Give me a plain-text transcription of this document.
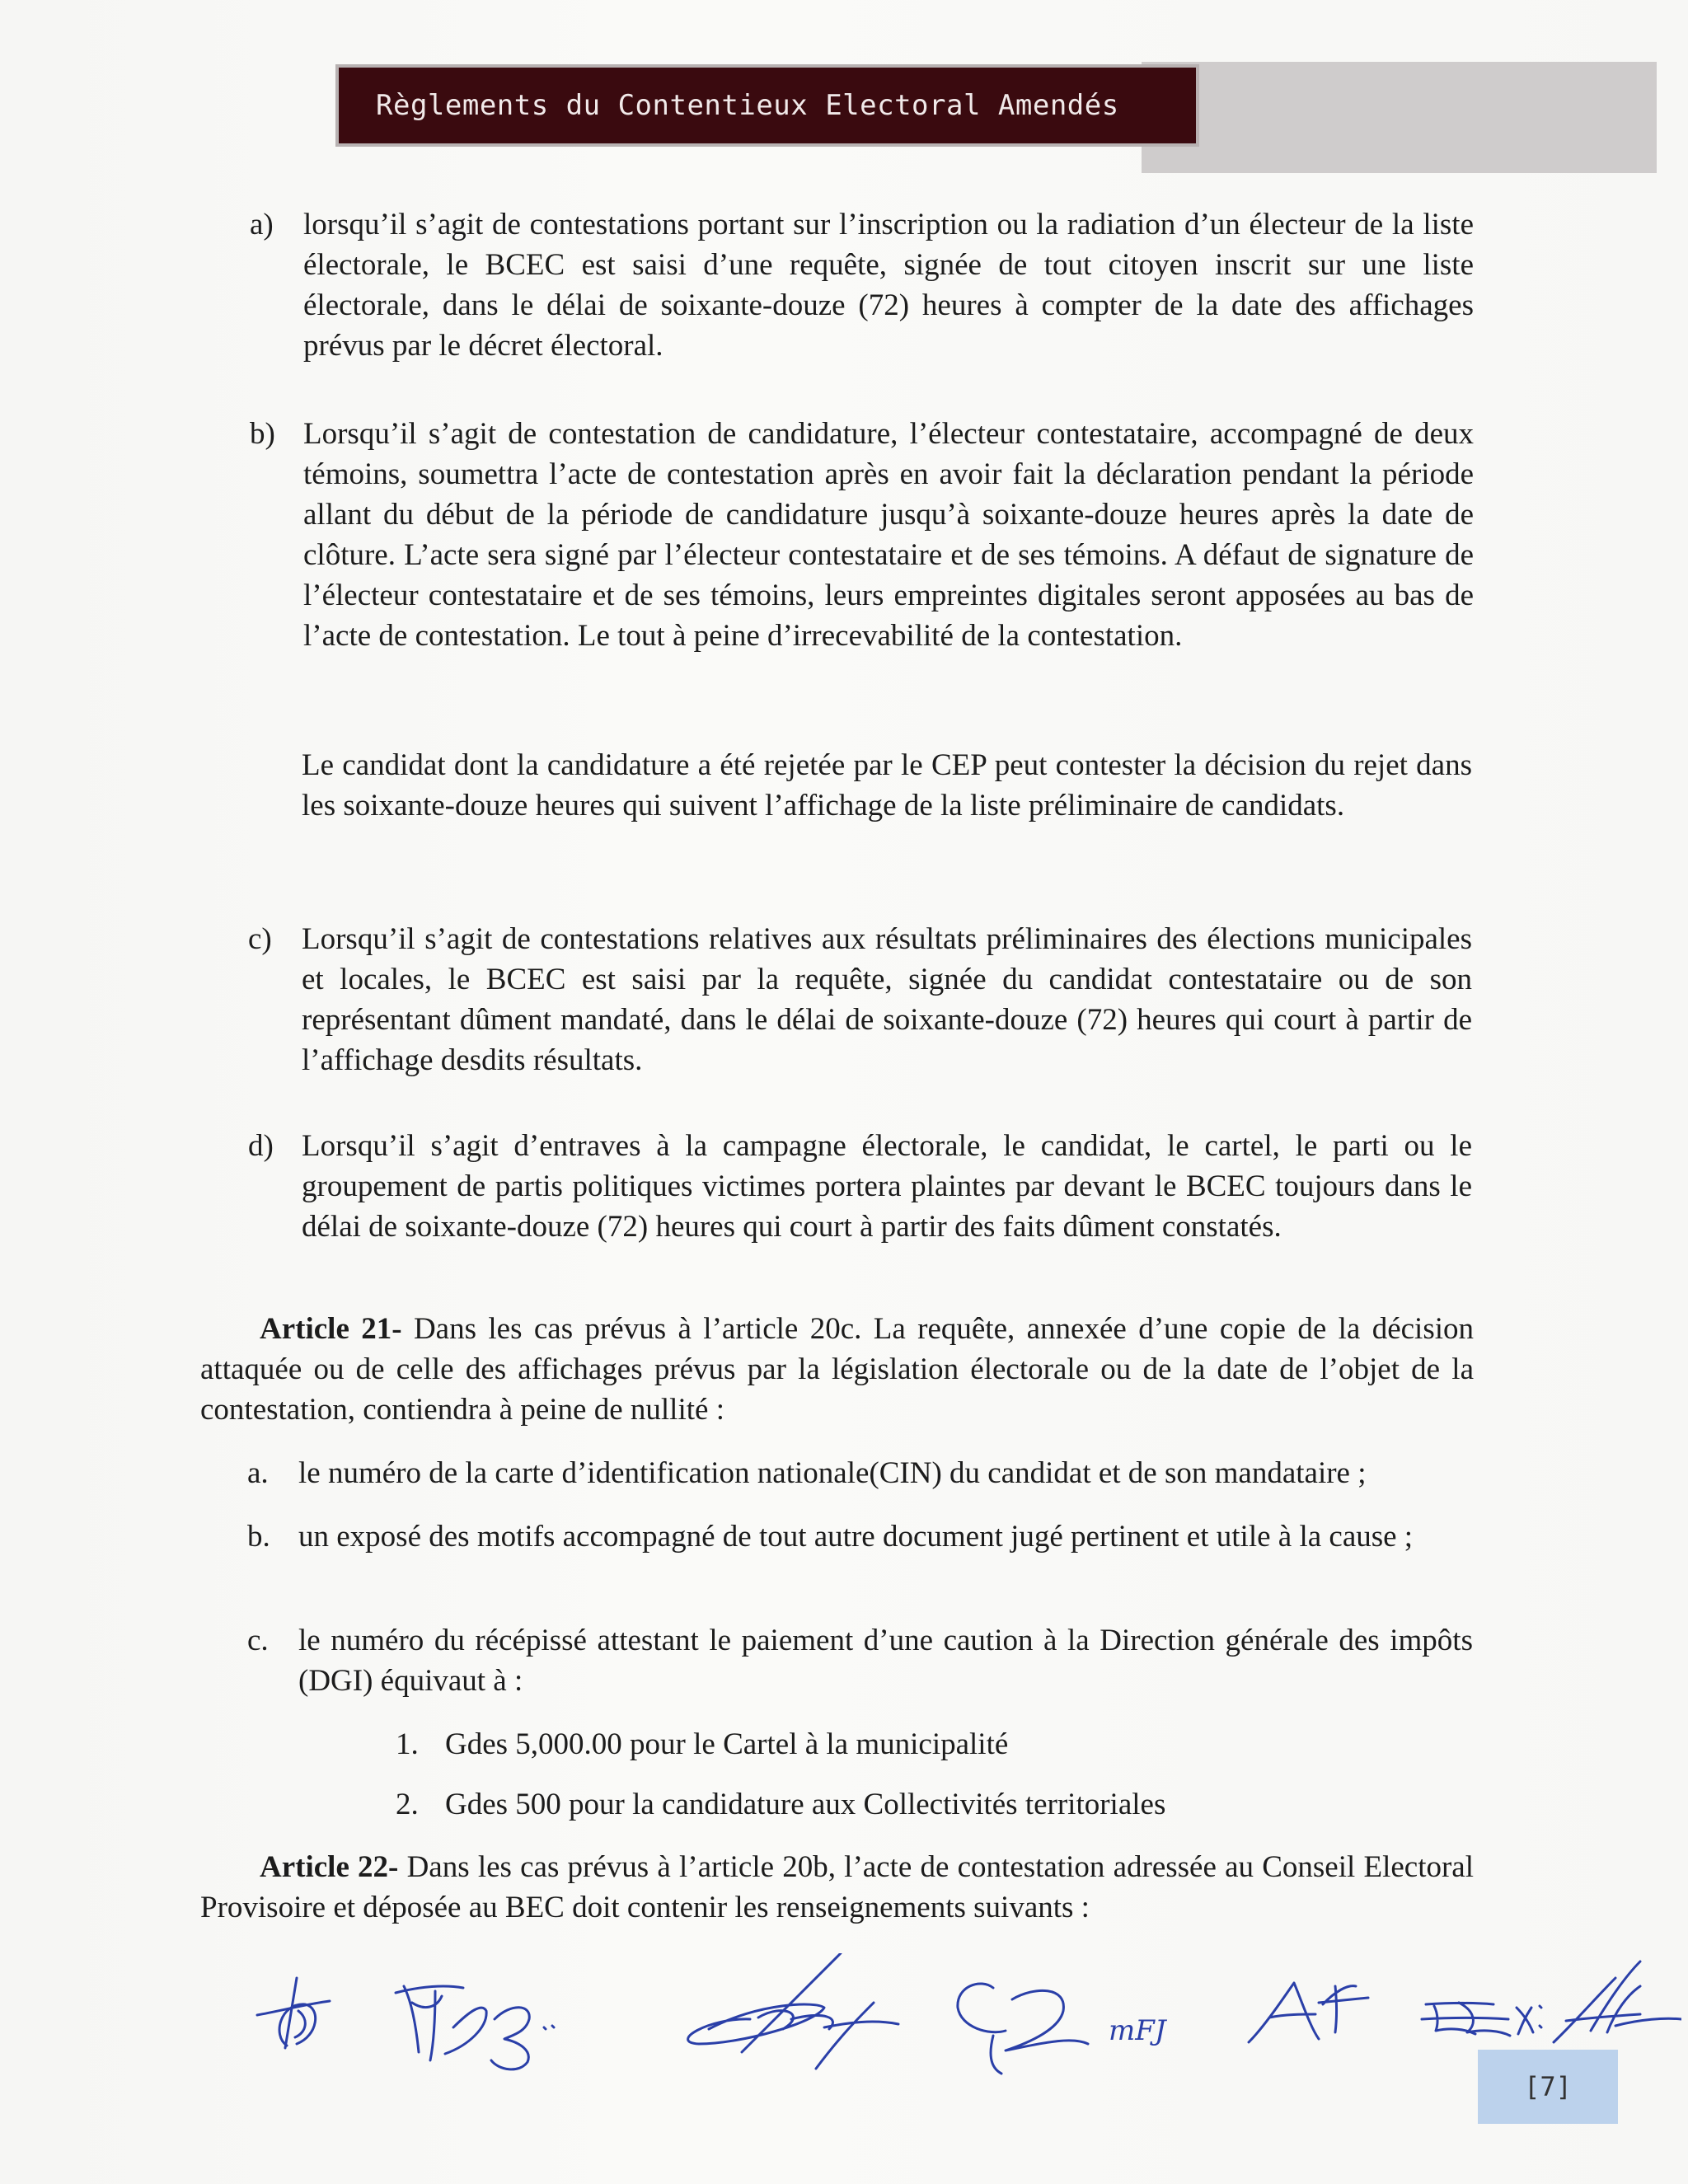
Règlements du Contentieux Electoral Amendés
a) lorsqu’il s’agit de contestations portant sur l’inscription ou la radiation d’un électeur de la liste électorale, le BCEC est saisi d’une requête, signée de tout citoyen inscrit sur une liste électorale, dans le délai de soixante-douze (72) heures à compter de la date des affichages prévus par le décret électoral.
b) Lorsqu’il s’agit de contestation de candidature, l’électeur contestataire, accompagné de deux témoins, soumettra l’acte de contestation après en avoir fait la déclaration pendant la période allant du début de la période de candidature jusqu’à soixante-douze heures après la date de clôture. L’acte sera signé par l’électeur contestataire et de ses témoins. A défaut de signature de l’électeur contestataire et de ses témoins, leurs empreintes digitales seront apposées au bas de l’acte de contestation. Le tout à peine d’irrecevabilité de la contestation.
Le candidat dont la candidature a été rejetée par le CEP peut contester la décision du rejet dans les soixante-douze heures qui suivent l’affichage de la liste préliminaire de candidats.
c) Lorsqu’il s’agit de contestations relatives aux résultats préliminaires des élections municipales et locales, le BCEC est saisi par la requête, signée du candidat contestataire ou de son représentant dûment mandaté, dans le délai de soixante-douze (72) heures qui court à partir de l’affichage desdits résultats.
d) Lorsqu’il s’agit d’entraves à la campagne électorale, le candidat, le cartel, le parti ou le groupement de partis politiques victimes portera plaintes par devant le BCEC toujours dans le délai de soixante-douze (72) heures qui court à partir des faits dûment constatés.
Article 21- Dans les cas prévus à l’article 20c. La requête, annexée d’une copie de la décision attaquée ou de celle des affichages prévus par la législation électorale ou de la date de l’objet de la contestation, contiendra à peine de nullité :
a. le numéro de la carte d’identification nationale(CIN) du candidat et de son mandataire ;
b. un exposé des motifs accompagné de tout autre document jugé pertinent et utile à la cause ;
c. le numéro du récépissé attestant le paiement d’une caution à la Direction générale des impôts (DGI) équivaut à :
1. Gdes 5,000.00 pour le Cartel à la municipalité
2. Gdes 500 pour la candidature aux Collectivités territoriales
Article 22- Dans les cas prévus à l’article 20b, l’acte de contestation adressée au Conseil Electoral Provisoire et déposée au BEC doit contenir les renseignements suivants :
mFJ
[7]
